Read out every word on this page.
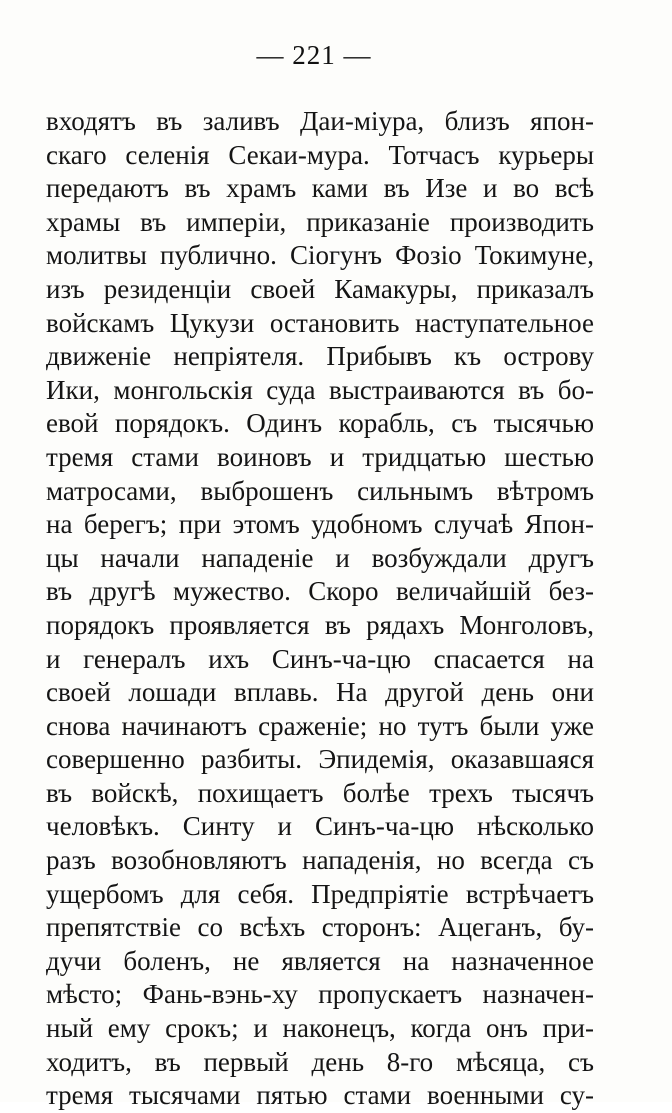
— 221 —
входятъ въ заливъ Даи-міура, близъ япон-
скаго селенія Секаи-мура. Тотчасъ курьеры
передаютъ въ храмъ ками въ Изе и во всѣ
храмы въ имперіи, приказаніе производить
молитвы публично. Сіогунъ Фозіо Токимуне,
изъ резиденціи своей Камакуры, приказалъ
войскамъ Цукузи остановить наступательное
движеніе непріятеля. Прибывъ къ острову
Ики, монгольскія суда выстраиваются въ бо-
евой порядокъ. Одинъ корабль, съ тысячью
тремя стами воиновъ и тридцатью шестью
матросами, выброшенъ сильнымъ вѣтромъ
на берегъ; при этомъ удобномъ случаѣ Япон-
цы начали нападеніе и возбуждали другъ
въ другѣ мужество. Скоро величайшій без-
порядокъ проявляется въ рядахъ Монголовъ,
и генералъ ихъ Синъ-ча-цю спасается на
своей лошади вплавь. На другой день они
снова начинаютъ сраженіе; но тутъ были уже
совершенно разбиты. Эпидемія, оказавшаяся
въ войскѣ, похищаетъ болѣе трехъ тысячъ
человѣкъ. Синту и Синъ-ча-цю нѣсколько
разъ возобновляютъ нападенія, но всегда съ
ущербомъ для себя. Предпріятіе встрѣчаетъ
препятствіе со всѣхъ сторонъ: Ацеганъ, бу-
дучи боленъ, не является на назначенное
мѣсто; Фань-вэнь-ху пропускаетъ назначен-
ный ему срокъ; и наконецъ, когда онъ при-
ходитъ, въ первый день 8-го мѣсяца, съ
тремя тысячами пятью стами военными су-
